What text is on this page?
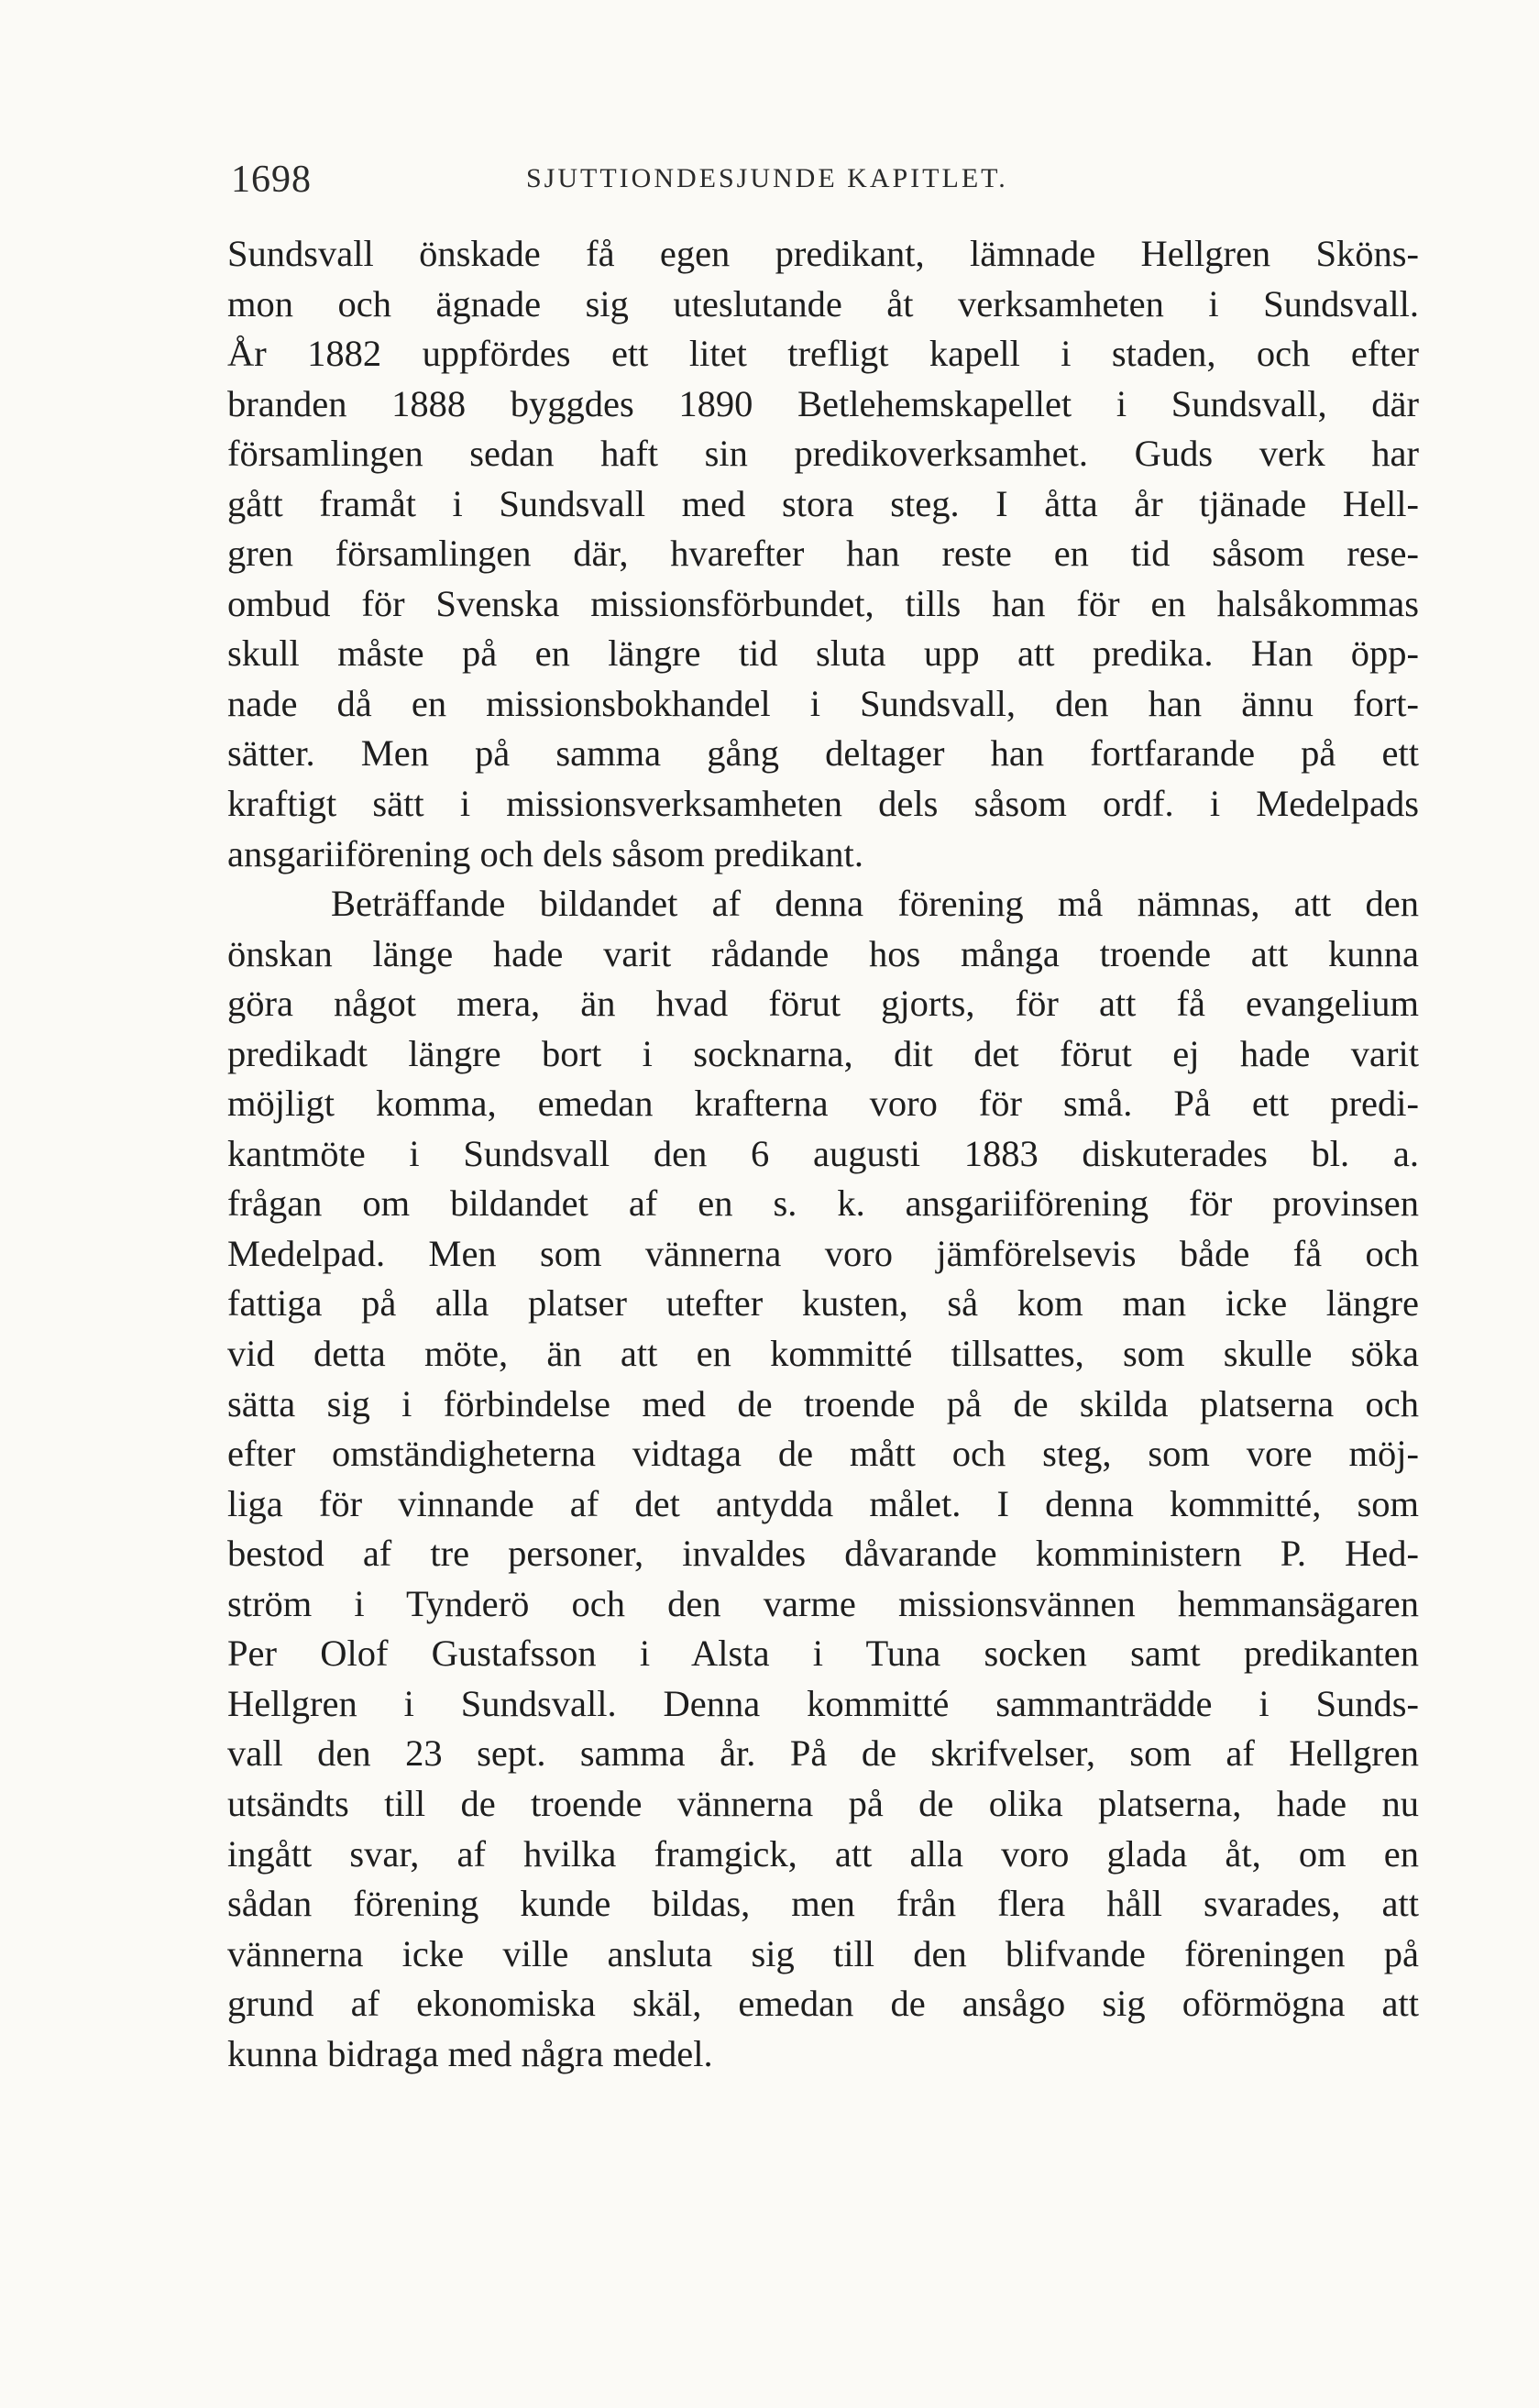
1698	SJUTTIONDESJUNDE KAPITLET.
Sundsvall önskade få egen predikant, lämnade Hellgren Sköns-
mon och ägnade sig uteslutande åt verksamheten i Sundsvall.
År 1882 uppfördes ett litet trefligt kapell i staden, och efter
branden 1888 byggdes 1890 Betlehemskapellet i Sundsvall, där
församlingen sedan haft sin predikoverksamhet. Guds verk har
gått framåt i Sundsvall med stora steg. I åtta år tjänade Hell-
gren församlingen där, hvarefter han reste en tid såsom rese-
ombud för Svenska missionsförbundet, tills han för en halsåkommas
skull måste på en längre tid sluta upp att predika. Han öpp-
nade då en missionsbokhandel i Sundsvall, den han ännu fort-
sätter. Men på samma gång deltager han fortfarande på ett
kraftigt sätt i missionsverksamheten dels såsom ordf. i Medelpads
ansgariiförening och dels såsom predikant.
Beträffande bildandet af denna förening må nämnas, att den
önskan länge hade varit rådande hos många troende att kunna
göra något mera, än hvad förut gjorts, för att få evangelium
predikadt längre bort i socknarna, dit det förut ej hade varit
möjligt komma, emedan krafterna voro för små. På ett predi-
kantmöte i Sundsvall den 6 augusti 1883 diskuterades bl. a.
frågan om bildandet af en s. k. ansgariiförening för provinsen
Medelpad. Men som vännerna voro jämförelsevis både få och
fattiga på alla platser utefter kusten, så kom man icke längre
vid detta möte, än att en kommitté tillsattes, som skulle söka
sätta sig i förbindelse med de troende på de skilda platserna och
efter omständigheterna vidtaga de mått och steg, som vore möj-
liga för vinnande af det antydda målet. I denna kommitté, som
bestod af tre personer, invaldes dåvarande komministern P. Hed-
ström i Tynderö och den varme missionsvännen hemmansägaren
Per Olof Gustafsson i Alsta i Tuna socken samt predikanten
Hellgren i Sundsvall. Denna kommitté sammanträdde i Sunds-
vall den 23 sept. samma år. På de skrifvelser, som af Hellgren
utsändts till de troende vännerna på de olika platserna, hade nu
ingått svar, af hvilka framgick, att alla voro glada åt, om en
sådan förening kunde bildas, men från flera håll svarades, att
vännerna icke ville ansluta sig till den blifvande föreningen på
grund af ekonomiska skäl, emedan de ansågo sig oförmögna att
kunna bidraga med några medel.
